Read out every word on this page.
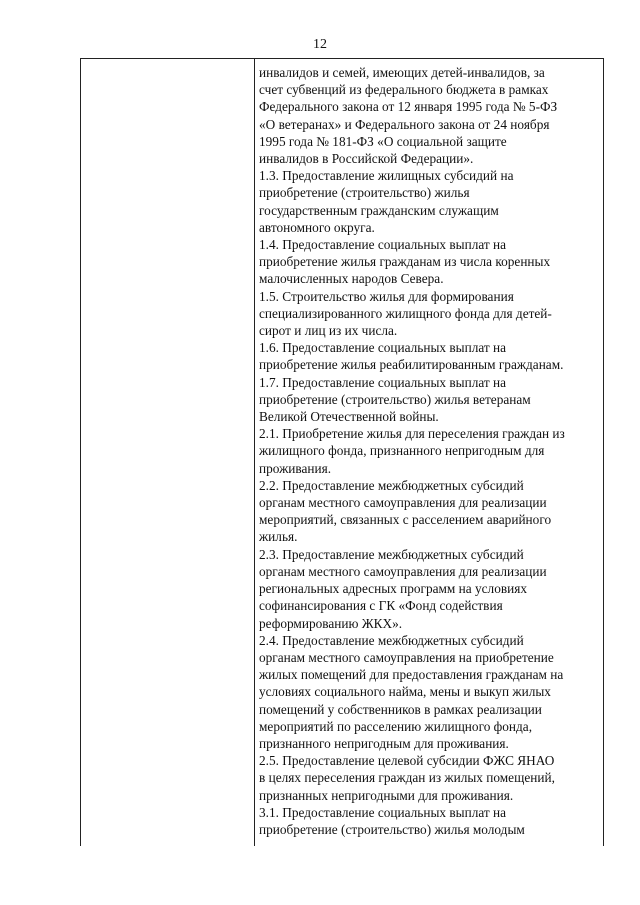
12
инвалидов и семей, имеющих детей-инвалидов, за
счет субвенций из федерального бюджета в рамках
Федерального закона от 12 января 1995 года № 5-ФЗ
«О ветеранах» и Федерального закона от 24 ноября
1995 года № 181-ФЗ «О социальной защите
инвалидов в Российской Федерации».
1.3. Предоставление жилищных субсидий на
приобретение (строительство) жилья
государственным гражданским служащим
автономного округа.
1.4. Предоставление социальных выплат на
приобретение жилья гражданам из числа коренных
малочисленных народов Севера.
1.5. Строительство жилья для формирования
специализированного жилищного фонда для детей-
сирот и лиц из их числа.
1.6. Предоставление социальных выплат на
приобретение жилья реабилитированным гражданам.
1.7. Предоставление социальных выплат на
приобретение (строительство) жилья ветеранам
Великой Отечественной войны.
2.1. Приобретение жилья для переселения граждан из
жилищного фонда, признанного непригодным для
проживания.
2.2. Предоставление межбюджетных субсидий
органам местного самоуправления для реализации
мероприятий, связанных с расселением аварийного
жилья.
2.3. Предоставление межбюджетных субсидий
органам местного самоуправления для реализации
региональных адресных программ на условиях
софинансирования с ГК «Фонд содействия
реформированию ЖКХ».
2.4. Предоставление межбюджетных субсидий
органам местного самоуправления на приобретение
жилых помещений для предоставления гражданам на
условиях социального найма, мены и выкуп жилых
помещений у собственников в рамках реализации
мероприятий по расселению жилищного фонда,
признанного непригодным для проживания.
2.5. Предоставление целевой субсидии ФЖС ЯНАО
в целях переселения граждан из жилых помещений,
признанных непригодными для проживания.
3.1. Предоставление социальных выплат на
приобретение (строительство) жилья молодым
